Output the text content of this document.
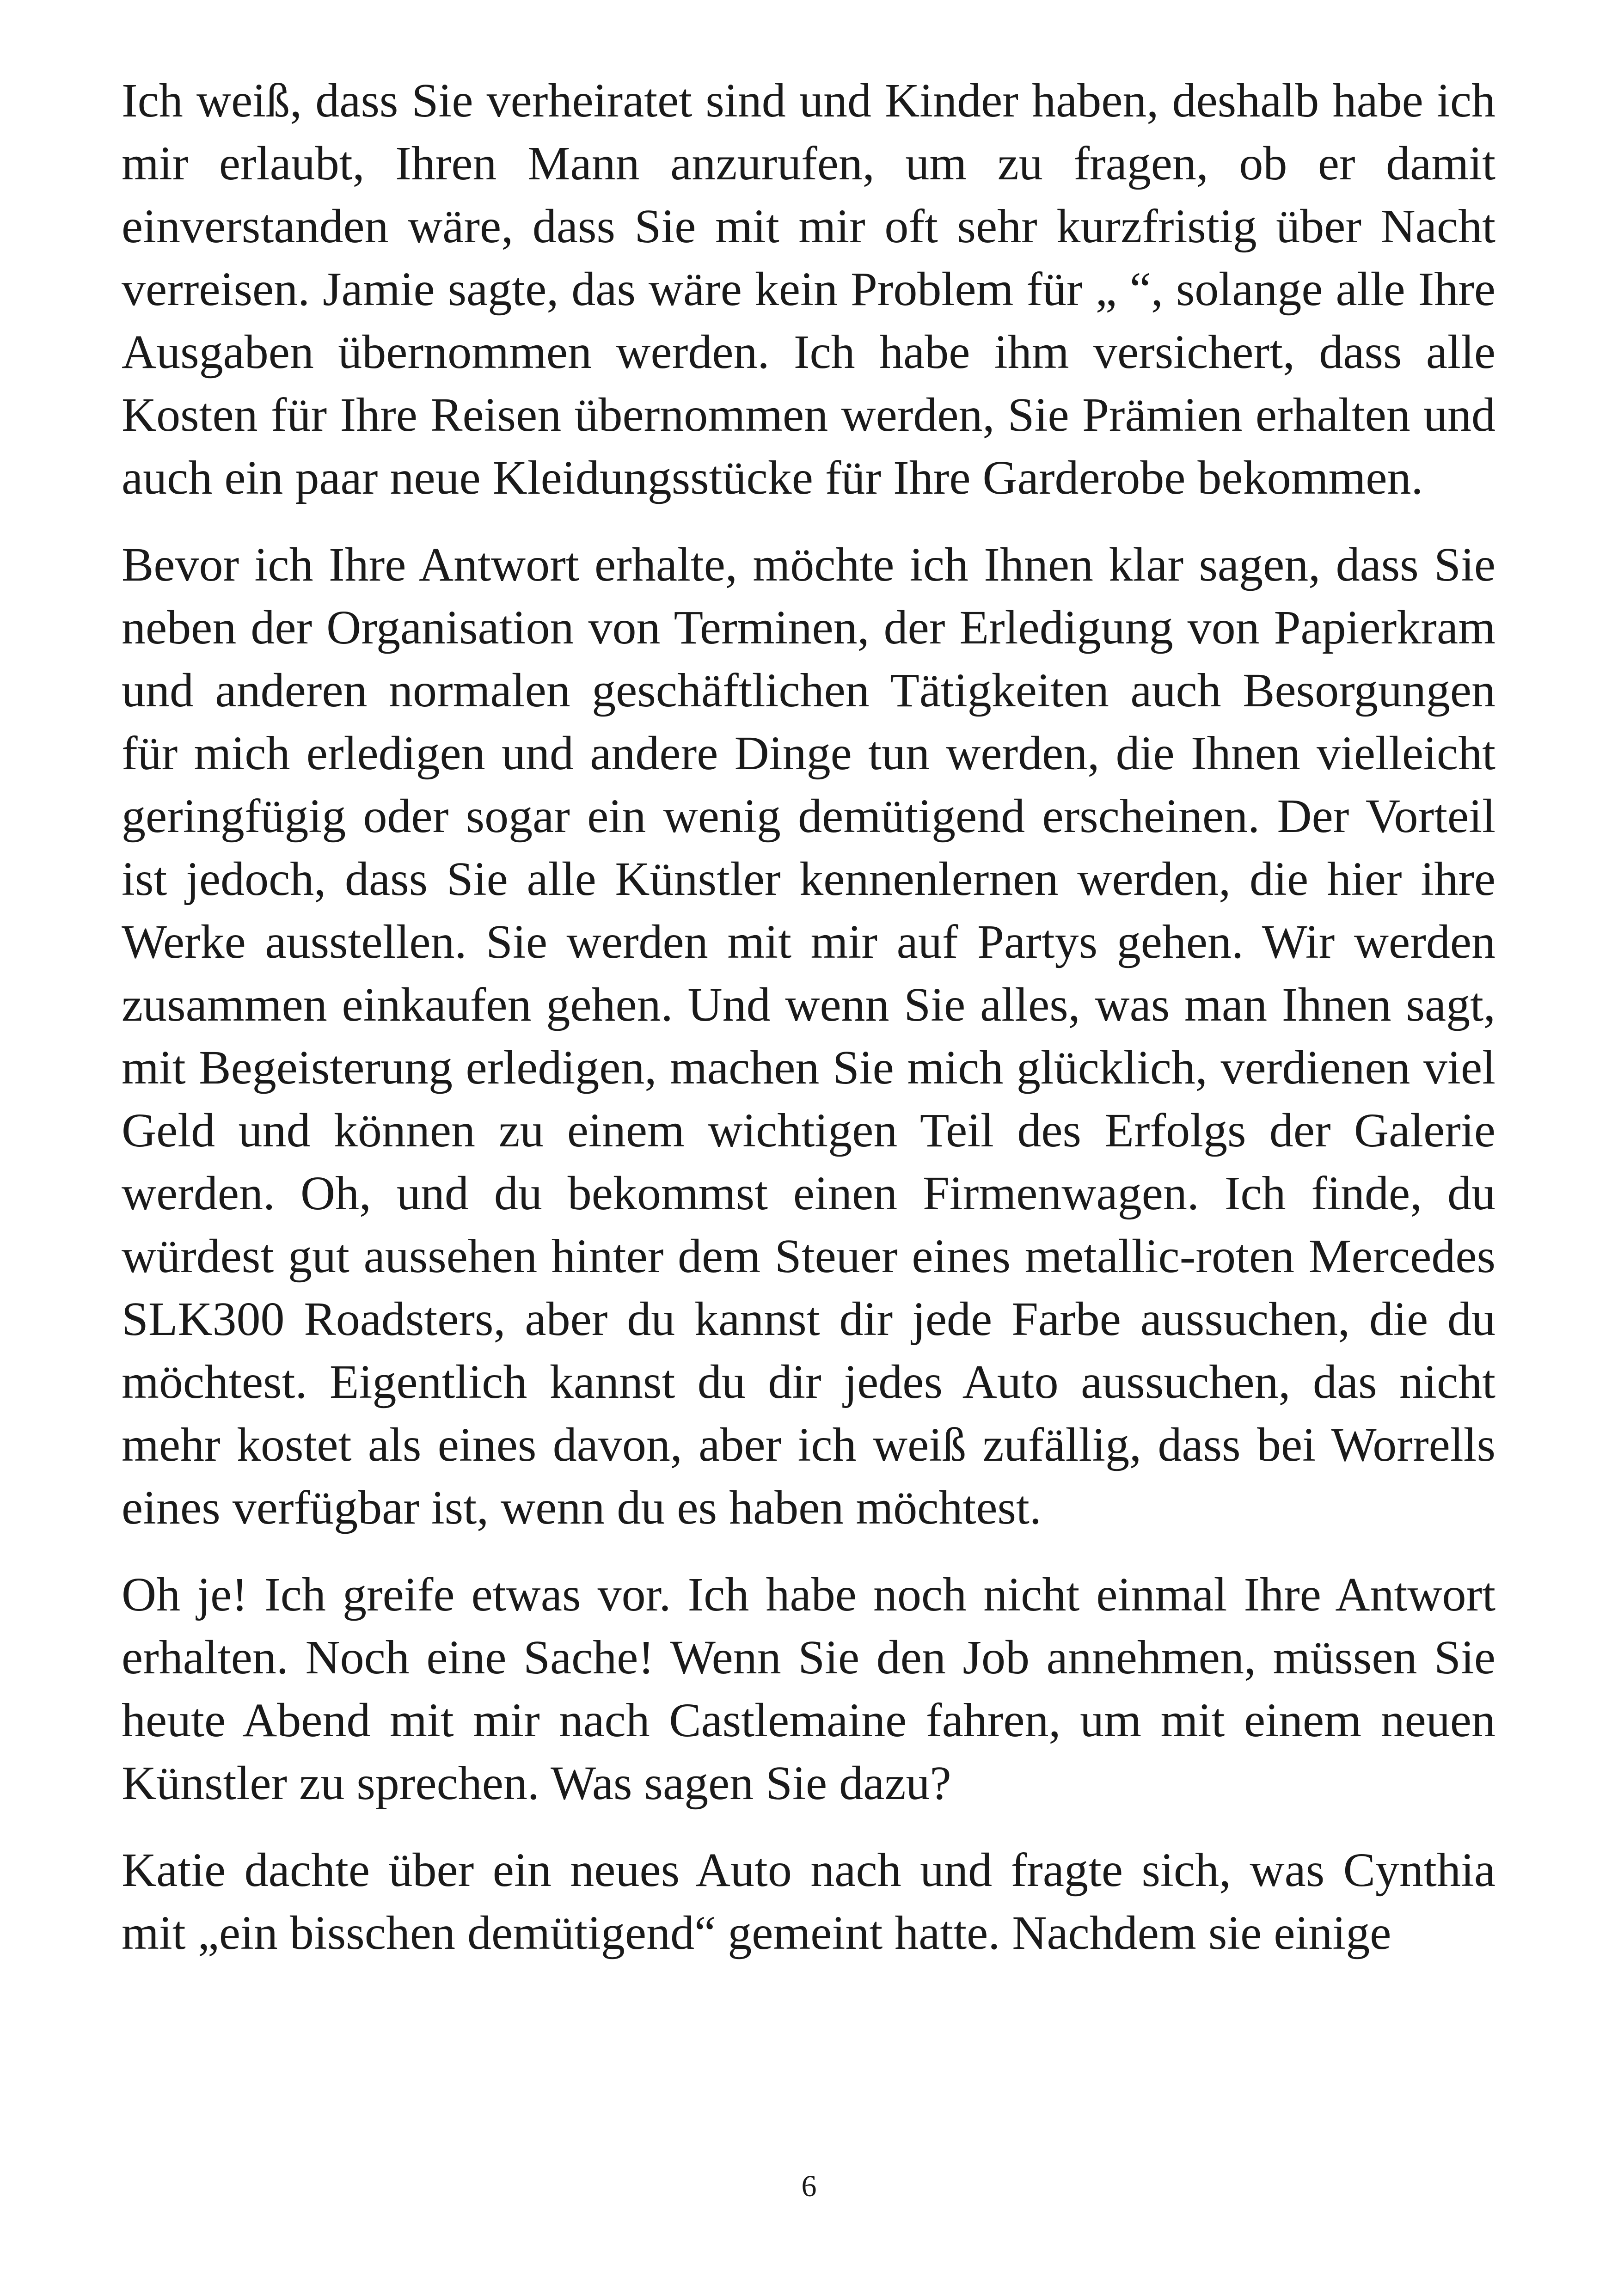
Ich weiß, dass Sie verheiratet sind und Kinder haben, deshalb habe ich mir erlaubt, Ihren Mann anzurufen, um zu fragen, ob er damit einverstanden wäre, dass Sie mit mir oft sehr kurzfristig über Nacht verreisen. Jamie sagte, das wäre kein Problem für „ “, solange alle Ihre Ausgaben übernommen werden. Ich habe ihm versichert, dass alle Kosten für Ihre Reisen übernommen werden, Sie Prämien erhalten und auch ein paar neue Kleidungsstücke für Ihre Garderobe bekommen.

Bevor ich Ihre Antwort erhalte, möchte ich Ihnen klar sagen, dass Sie neben der Organisation von Terminen, der Erledigung von Papierkram und anderen normalen geschäftlichen Tätigkeiten auch Besorgungen für mich erledigen und andere Dinge tun werden, die Ihnen vielleicht geringfügig oder sogar ein wenig demütigend erscheinen. Der Vorteil ist jedoch, dass Sie alle Künstler kennenlernen werden, die hier ihre Werke ausstellen. Sie werden mit mir auf Partys gehen. Wir werden zusammen einkaufen gehen. Und wenn Sie alles, was man Ihnen sagt, mit Begeisterung erledigen, machen Sie mich glücklich, verdienen viel Geld und können zu einem wichtigen Teil des Erfolgs der Galerie werden. Oh, und du bekommst einen Firmenwagen. Ich finde, du würdest gut aussehen hinter dem Steuer eines metallic-roten Mercedes SLK300 Roadsters, aber du kannst dir jede Farbe aussuchen, die du möchtest. Eigentlich kannst du dir jedes Auto aussuchen, das nicht mehr kostet als eines davon, aber ich weiß zufällig, dass bei Worrells eines verfügbar ist, wenn du es haben möchtest.

Oh je! Ich greife etwas vor. Ich habe noch nicht einmal Ihre Antwort erhalten. Noch eine Sache! Wenn Sie den Job annehmen, müssen Sie heute Abend mit mir nach Castlemaine fahren, um mit einem neuen Künstler zu sprechen. Was sagen Sie dazu?

Katie dachte über ein neues Auto nach und fragte sich, was Cynthia mit „ein bisschen demütigend“ gemeint hatte. Nachdem sie einige

6
